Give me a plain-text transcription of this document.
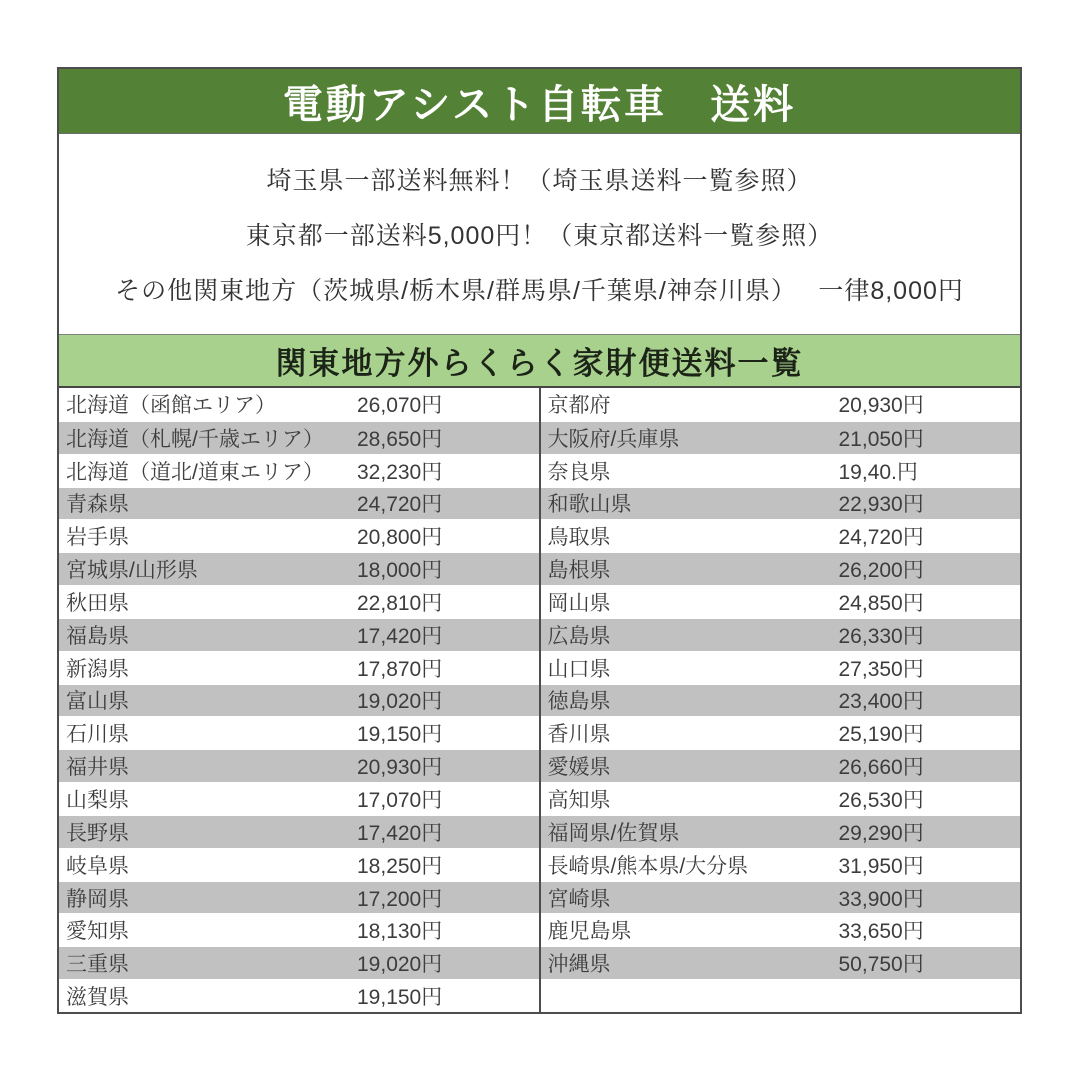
電動アシスト自転車　送料
埼玉県一部送料無料！（埼玉県送料一覧参照）
東京都一部送料5,000円！（東京都送料一覧参照）
その他関東地方（茨城県/栃木県/群馬県/千葉県/神奈川県）　 一律8,000円
関東地方外らくらく家財便送料一覧
北海道（函館エリア）	26,070円
北海道（札幌/千歳エリア）	28,650円
北海道（道北/道東エリア）	32,230円
青森県	24,720円
岩手県	20,800円
宮城県/山形県	18,000円
秋田県	22,810円
福島県	17,420円
新潟県	17,870円
富山県	19,020円
石川県	19,150円
福井県	20,930円
山梨県	17,070円
長野県	17,420円
岐阜県	18,250円
静岡県	17,200円
愛知県	18,130円
三重県	19,020円
滋賀県	19,150円
京都府	20,930円
大阪府/兵庫県	21,050円
奈良県	19,40.円
和歌山県	22,930円
鳥取県	24,720円
島根県	26,200円
岡山県	24,850円
広島県	26,330円
山口県	27,350円
徳島県	23,400円
香川県	25,190円
愛媛県	26,660円
高知県	26,530円
福岡県/佐賀県	29,290円
長崎県/熊本県/大分県	31,950円
宮崎県	33,900円
鹿児島県	33,650円
沖縄県	50,750円
